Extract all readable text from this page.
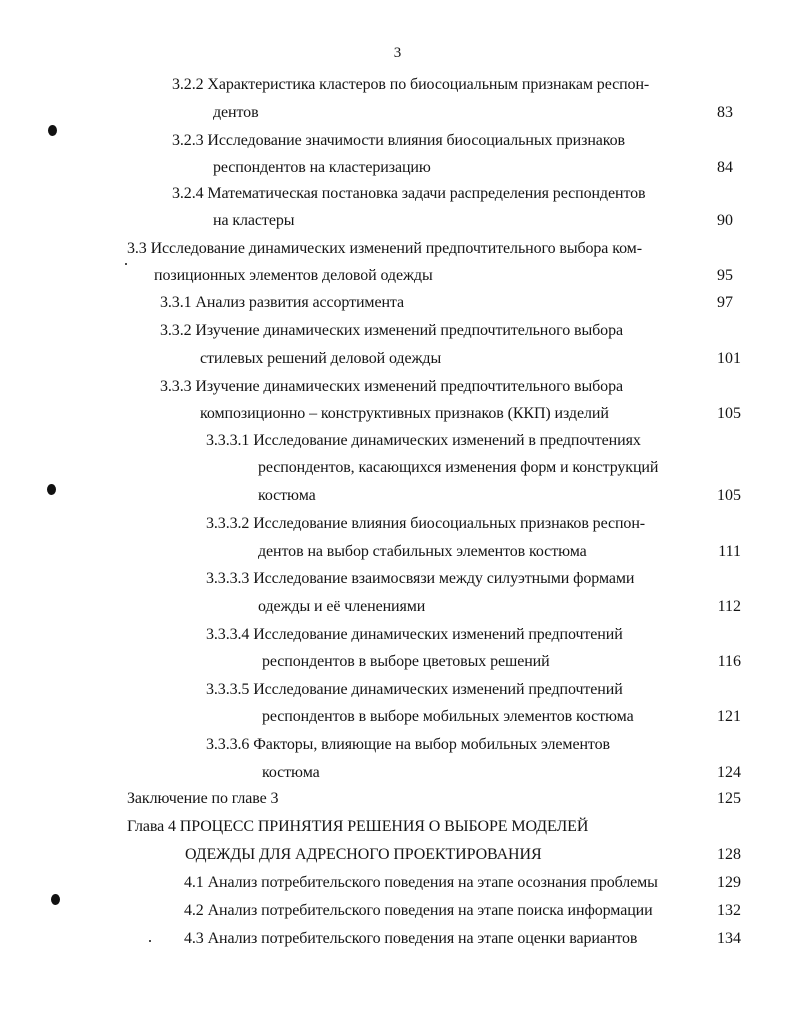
3
3.2.2 Характеристика кластеров по биосоциальным признакам респон-
дентов	83
3.2.3 Исследование значимости влияния биосоциальных признаков
респондентов на кластеризацию	84
3.2.4 Математическая постановка задачи распределения респондентов
на кластеры	90
3.3 Исследование динамических изменений предпочтительного выбора ком-
позиционных элементов деловой одежды	95
3.3.1 Анализ развития ассортимента	97
3.3.2 Изучение динамических изменений предпочтительного выбора
стилевых решений деловой одежды	101
3.3.3 Изучение динамических изменений предпочтительного выбора
композиционно – конструктивных признаков (ККП) изделий	105
3.3.3.1 Исследование динамических изменений в предпочтениях
респондентов, касающихся изменения форм и конструкций
костюма	105
3.3.3.2 Исследование влияния биосоциальных признаков респон-
дентов на выбор стабильных элементов костюма	111
3.3.3.3 Исследование взаимосвязи между силуэтными формами
одежды и её членениями	112
3.3.3.4 Исследование динамических изменений предпочтений
респондентов в выборе цветовых решений	116
3.3.3.5 Исследование динамических изменений предпочтений
респондентов в выборе мобильных элементов костюма	121
3.3.3.6 Факторы, влияющие на выбор мобильных элементов
костюма	124
Заключение по главе 3	125
Глава 4 ПРОЦЕСС ПРИНЯТИЯ РЕШЕНИЯ О ВЫБОРЕ МОДЕЛЕЙ
ОДЕЖДЫ ДЛЯ АДРЕСНОГО ПРОЕКТИРОВАНИЯ	128
4.1 Анализ потребительского поведения на этапе осознания проблемы	129
4.2 Анализ потребительского поведения на этапе поиска информации	132
4.3 Анализ потребительского поведения на этапе оценки вариантов	134
